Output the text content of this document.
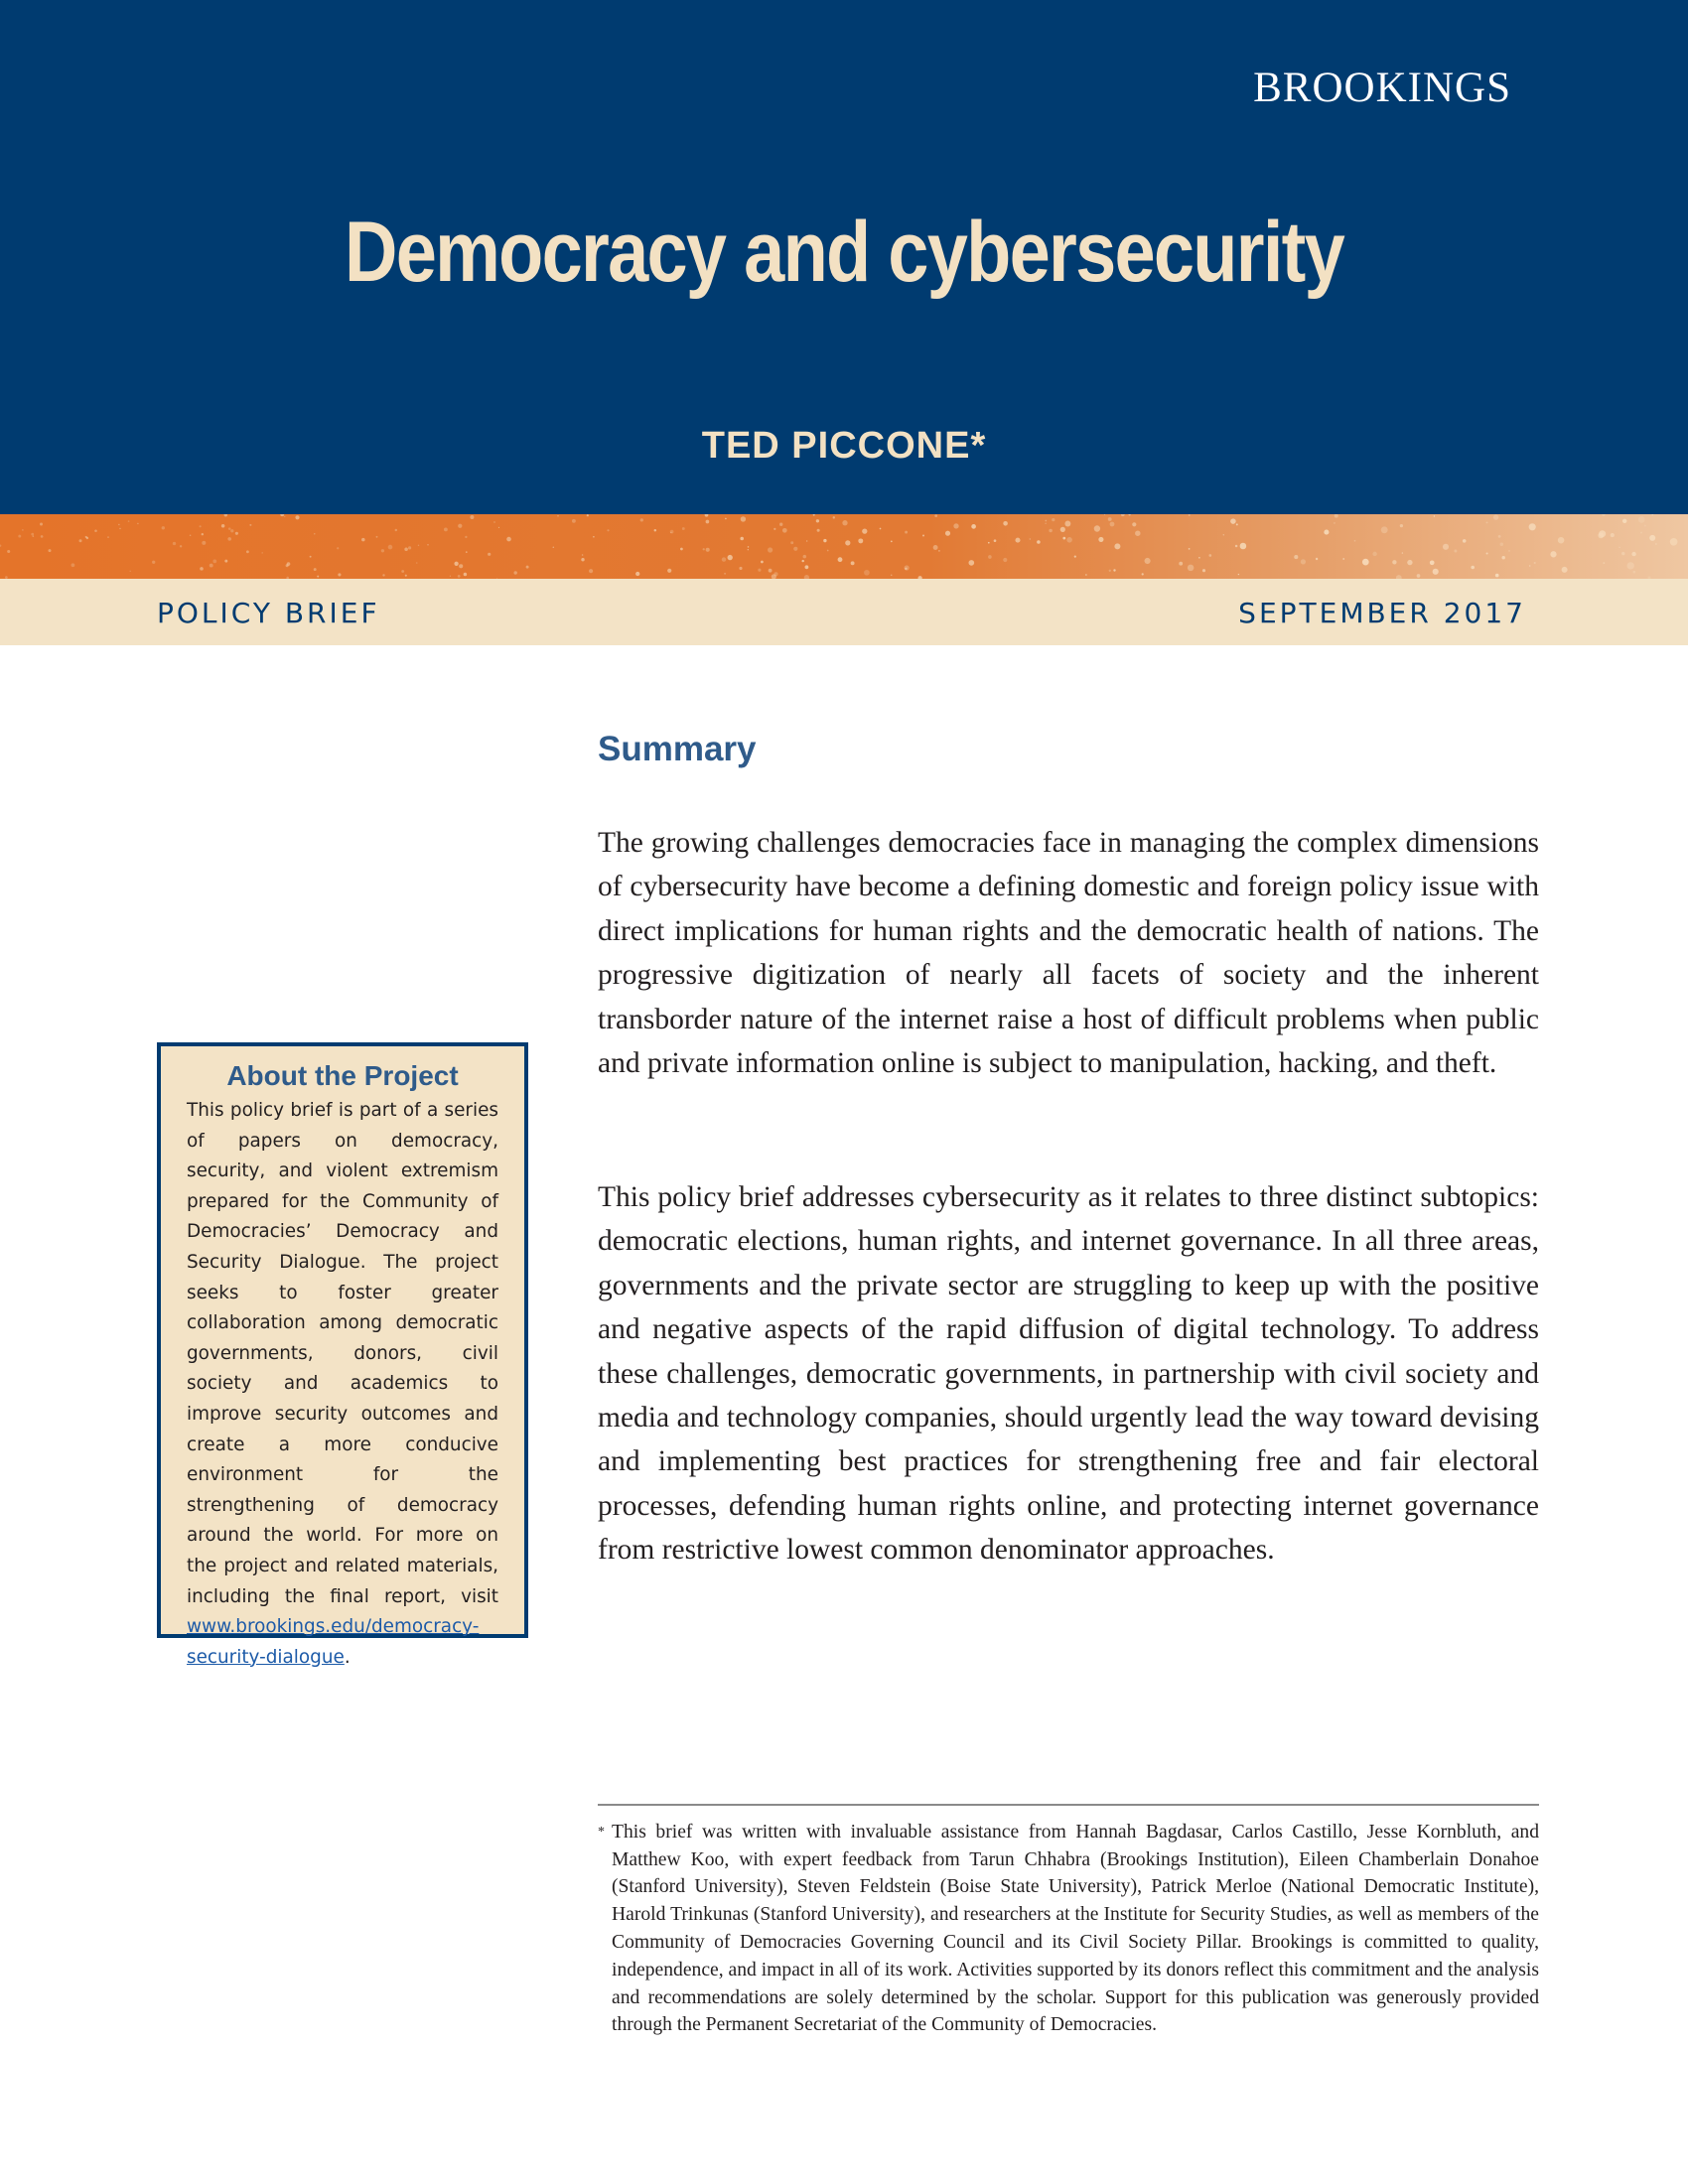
BROOKINGS
Democracy and cybersecurity
TED PICCONE*
POLICY BRIEF	SEPTEMBER 2017
Summary

The growing challenges democracies face in managing the complex dimensions of cybersecurity have become a defining domestic and foreign policy issue with direct implications for human rights and the democratic health of nations. The progressive digitization of nearly all facets of society and the inherent transborder nature of the internet raise a host of difficult problems when public and private information online is subject to manipulation, hacking, and theft.

This policy brief addresses cybersecurity as it relates to three distinct subtopics: democratic elections, human rights, and internet governance. In all three areas, governments and the private sector are struggling to keep up with the positive and negative aspects of the rapid diffusion of digital technology. To address these challenges, democratic governments, in partnership with civil society and media and technology companies, should urgently lead the way toward devising and implementing best practices for strengthening free and fair electoral processes, defending human rights online, and protecting internet governance from restrictive lowest common denominator approaches.

About the Project

This policy brief is part of a series of papers on democracy, security, and violent extremism prepared for the Community of Democracies’ Democracy and Security Dialogue. The project seeks to foster greater collaboration among democratic governments, donors, civil society and academics to improve security outcomes and create a more conducive environment for the strengthening of democracy around the world. For more on the project and related materials, including the final report, visit www.brookings.edu/democracy-security-dialogue.

* This brief was written with invaluable assistance from Hannah Bagdasar, Carlos Castillo, Jesse Kornbluth, and Matthew Koo, with expert feedback from Tarun Chhabra (Brookings Institution), Eileen Chamberlain Donahoe (Stanford University), Steven Feldstein (Boise State University), Patrick Merloe (National Democratic Institute), Harold Trinkunas (Stanford University), and researchers at the Institute for Security Studies, as well as members of the Community of Democracies Governing Council and its Civil Society Pillar. Brookings is committed to quality, independence, and impact in all of its work. Activities supported by its donors reflect this commitment and the analysis and recommendations are solely determined by the scholar. Support for this publication was generously provided through the Permanent Secretariat of the Community of Democracies.
